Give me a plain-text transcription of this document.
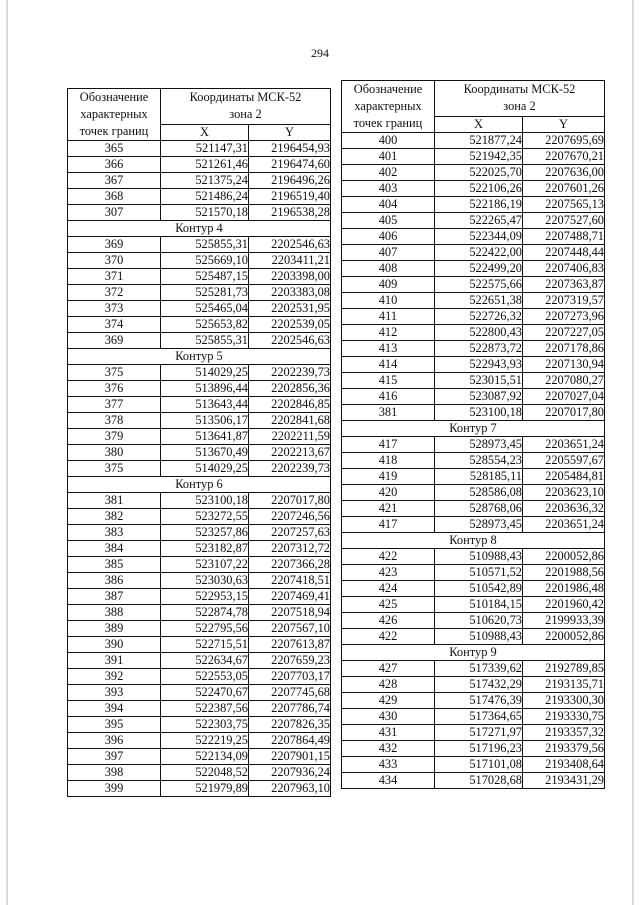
294
Обозначение
характерных
точек границ	Координаты МСК-52
зона 2	
	X	Y
365	521147,31	2196454,93
366	521261,46	2196474,60
367	521375,24	2196496,26
368	521486,24	2196519,40
307	521570,18	2196538,28
Контур 4		
369	525855,31	2202546,63
370	525669,10	2203411,21
371	525487,15	2203398,00
372	525281,73	2203383,08
373	525465,04	2202531,95
374	525653,82	2202539,05
369	525855,31	2202546,63
Контур 5		
375	514029,25	2202239,73
376	513896,44	2202856,36
377	513643,44	2202846,85
378	513506,17	2202841,68
379	513641,87	2202211,59
380	513670,49	2202213,67
375	514029,25	2202239,73
Контур 6		
381	523100,18	2207017,80
382	523272,55	2207246,56
383	523257,86	2207257,63
384	523182,87	2207312,72
385	523107,22	2207366,28
386	523030,63	2207418,51
387	522953,15	2207469,41
388	522874,78	2207518,94
389	522795,56	2207567,10
390	522715,51	2207613,87
391	522634,67	2207659,23
392	522553,05	2207703,17
393	522470,67	2207745,68
394	522387,56	2207786,74
395	522303,75	2207826,35
396	522219,25	2207864,49
397	522134,09	2207901,15
398	522048,52	2207936,24
399	521979,89	2207963,10
Обозначение
характерных
точек границ	Координаты МСК-52
зона 2	
	X	Y
400	521877,24	2207695,69
401	521942,35	2207670,21
402	522025,70	2207636,00
403	522106,26	2207601,26
404	522186,19	2207565,13
405	522265,47	2207527,60
406	522344,09	2207488,71
407	522422,00	2207448,44
408	522499,20	2207406,83
409	522575,66	2207363,87
410	522651,38	2207319,57
411	522726,32	2207273,96
412	522800,43	2207227,05
413	522873,72	2207178,86
414	522943,93	2207130,94
415	523015,51	2207080,27
416	523087,92	2207027,04
381	523100,18	2207017,80
Контур 7		
417	528973,45	2203651,24
418	528554,23	2205597,67
419	528185,11	2205484,81
420	528586,08	2203623,10
421	528768,06	2203636,32
417	528973,45	2203651,24
Контур 8		
422	510988,43	2200052,86
423	510571,52	2201988,56
424	510542,89	2201986,48
425	510184,15	2201960,42
426	510620,73	2199933,39
422	510988,43	2200052,86
Контур 9		
427	517339,62	2192789,85
428	517432,29	2193135,71
429	517476,39	2193300,30
430	517364,65	2193330,75
431	517271,97	2193357,32
432	517196,23	2193379,56
433	517101,08	2193408,64
434	517028,68	2193431,29
